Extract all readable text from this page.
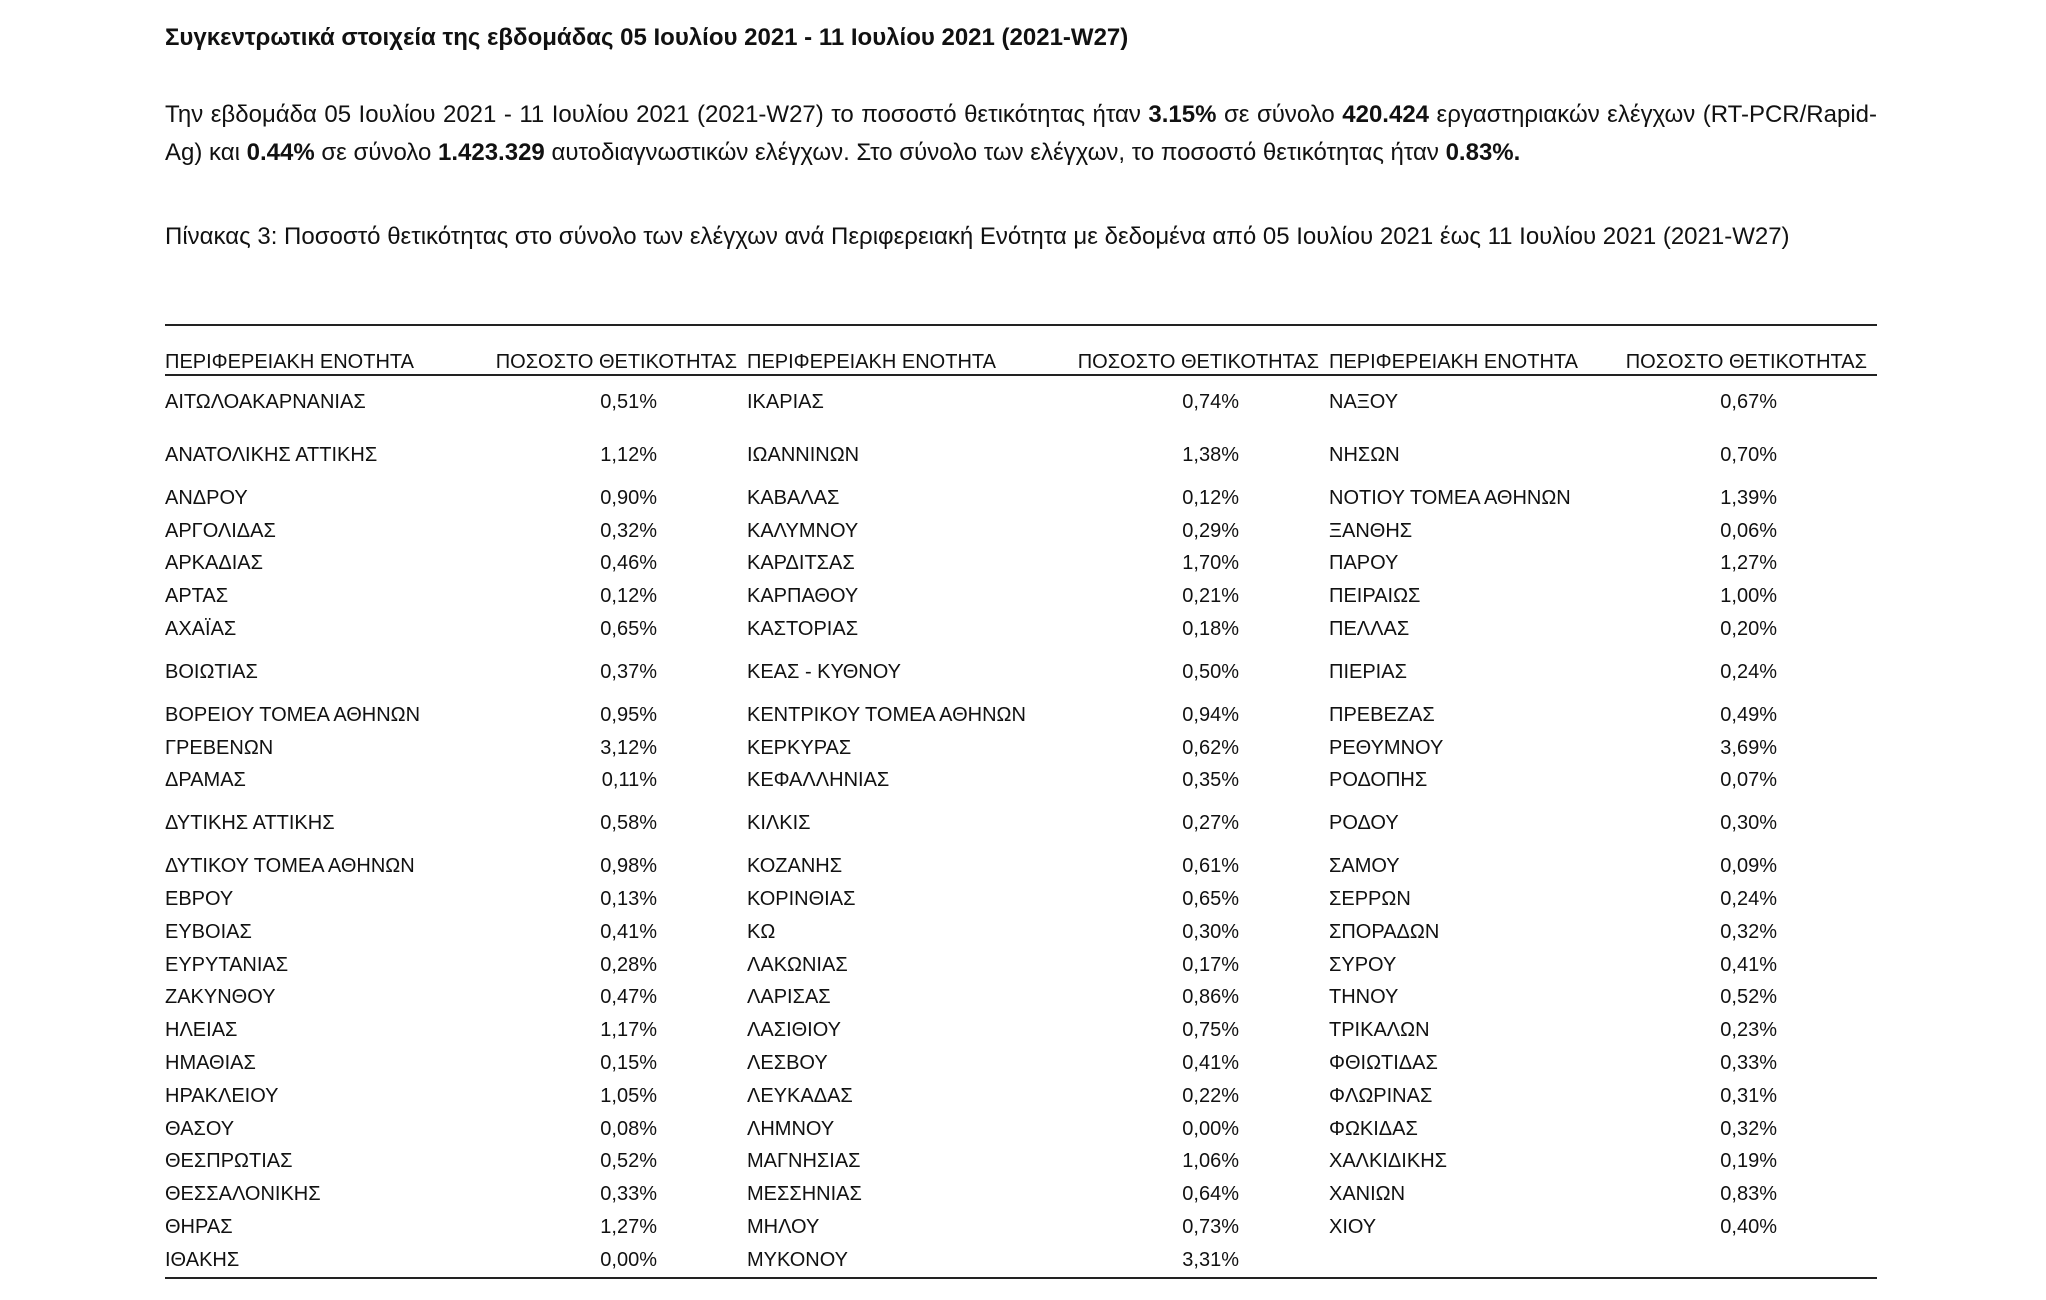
Συγκεντρωτικά στοιχεία της εβδομάδας 05 Ιουλίου 2021 - 11 Ιουλίου 2021 (2021-W27)

Την εβδομάδα 05 Ιουλίου 2021 - 11 Ιουλίου 2021 (2021-W27) το ποσοστό θετικότητας ήταν 3.15% σε σύνολο 420.424 εργαστηριακών ελέγχων (RT-PCR/Rapid-Ag) και 0.44% σε σύνολο 1.423.329 αυτοδιαγνωστικών ελέγχων. Στο σύνολο των ελέγχων, το ποσοστό θετικότητας ήταν 0.83%.

Πίνακας 3: Ποσοστό θετικότητας στο σύνολο των ελέγχων ανά Περιφερειακή Ενότητα με δεδομένα από 05 Ιουλίου 2021 έως 11 Ιουλίου 2021 (2021-W27)

ΠΕΡΙΦΕΡΕΙΑΚΗ ΕΝΟΤΗΤΑ	ΠΟΣΟΣΤΟ ΘΕΤΙΚΟΤΗΤΑΣ	ΠΕΡΙΦΕΡΕΙΑΚΗ ΕΝΟΤΗΤΑ	ΠΟΣΟΣΤΟ ΘΕΤΙΚΟΤΗΤΑΣ	ΠΕΡΙΦΕΡΕΙΑΚΗ ΕΝΟΤΗΤΑ	ΠΟΣΟΣΤΟ ΘΕΤΙΚΟΤΗΤΑΣ
ΑΙΤΩΛΟΑΚΑΡΝΑΝΙΑΣ	0,51%	ΙΚΑΡΙΑΣ	0,74%	ΝΑΞΟΥ	0,67%
ΑΝΑΤΟΛΙΚΗΣ ΑΤΤΙΚΗΣ	1,12%	ΙΩΑΝΝΙΝΩΝ	1,38%	ΝΗΣΩΝ	0,70%
ΑΝΔΡΟΥ	0,90%	ΚΑΒΑΛΑΣ	0,12%	ΝΟΤΙΟΥ ΤΟΜΕΑ ΑΘΗΝΩΝ	1,39%
ΑΡΓΟΛΙΔΑΣ	0,32%	ΚΑΛΥΜΝΟΥ	0,29%	ΞΑΝΘΗΣ	0,06%
ΑΡΚΑΔΙΑΣ	0,46%	ΚΑΡΔΙΤΣΑΣ	1,70%	ΠΑΡΟΥ	1,27%
ΑΡΤΑΣ	0,12%	ΚΑΡΠΑΘΟΥ	0,21%	ΠΕΙΡΑΙΩΣ	1,00%
ΑΧΑΪΑΣ	0,65%	ΚΑΣΤΟΡΙΑΣ	0,18%	ΠΕΛΛΑΣ	0,20%
ΒΟΙΩΤΙΑΣ	0,37%	ΚΕΑΣ - ΚΥΘΝΟΥ	0,50%	ΠΙΕΡΙΑΣ	0,24%
ΒΟΡΕΙΟΥ ΤΟΜΕΑ ΑΘΗΝΩΝ	0,95%	ΚΕΝΤΡΙΚΟΥ ΤΟΜΕΑ ΑΘΗΝΩΝ	0,94%	ΠΡΕΒΕΖΑΣ	0,49%
ΓΡΕΒΕΝΩΝ	3,12%	ΚΕΡΚΥΡΑΣ	0,62%	ΡΕΘΥΜΝΟΥ	3,69%
ΔΡΑΜΑΣ	0,11%	ΚΕΦΑΛΛΗΝΙΑΣ	0,35%	ΡΟΔΟΠΗΣ	0,07%
ΔΥΤΙΚΗΣ ΑΤΤΙΚΗΣ	0,58%	ΚΙΛΚΙΣ	0,27%	ΡΟΔΟΥ	0,30%
ΔΥΤΙΚΟΥ ΤΟΜΕΑ ΑΘΗΝΩΝ	0,98%	ΚΟΖΑΝΗΣ	0,61%	ΣΑΜΟΥ	0,09%
ΕΒΡΟΥ	0,13%	ΚΟΡΙΝΘΙΑΣ	0,65%	ΣΕΡΡΩΝ	0,24%
ΕΥΒΟΙΑΣ	0,41%	ΚΩ	0,30%	ΣΠΟΡΑΔΩΝ	0,32%
ΕΥΡΥΤΑΝΙΑΣ	0,28%	ΛΑΚΩΝΙΑΣ	0,17%	ΣΥΡΟΥ	0,41%
ΖΑΚΥΝΘΟΥ	0,47%	ΛΑΡΙΣΑΣ	0,86%	ΤΗΝΟΥ	0,52%
ΗΛΕΙΑΣ	1,17%	ΛΑΣΙΘΙΟΥ	0,75%	ΤΡΙΚΑΛΩΝ	0,23%
ΗΜΑΘΙΑΣ	0,15%	ΛΕΣΒΟΥ	0,41%	ΦΘΙΩΤΙΔΑΣ	0,33%
ΗΡΑΚΛΕΙΟΥ	1,05%	ΛΕΥΚΑΔΑΣ	0,22%	ΦΛΩΡΙΝΑΣ	0,31%
ΘΑΣΟΥ	0,08%	ΛΗΜΝΟΥ	0,00%	ΦΩΚΙΔΑΣ	0,32%
ΘΕΣΠΡΩΤΙΑΣ	0,52%	ΜΑΓΝΗΣΙΑΣ	1,06%	ΧΑΛΚΙΔΙΚΗΣ	0,19%
ΘΕΣΣΑΛΟΝΙΚΗΣ	0,33%	ΜΕΣΣΗΝΙΑΣ	0,64%	ΧΑΝΙΩΝ	0,83%
ΘΗΡΑΣ	1,27%	ΜΗΛΟΥ	0,73%	ΧΙΟΥ	0,40%
ΙΘΑΚΗΣ	0,00%	ΜΥΚΟΝΟΥ	3,31%		
